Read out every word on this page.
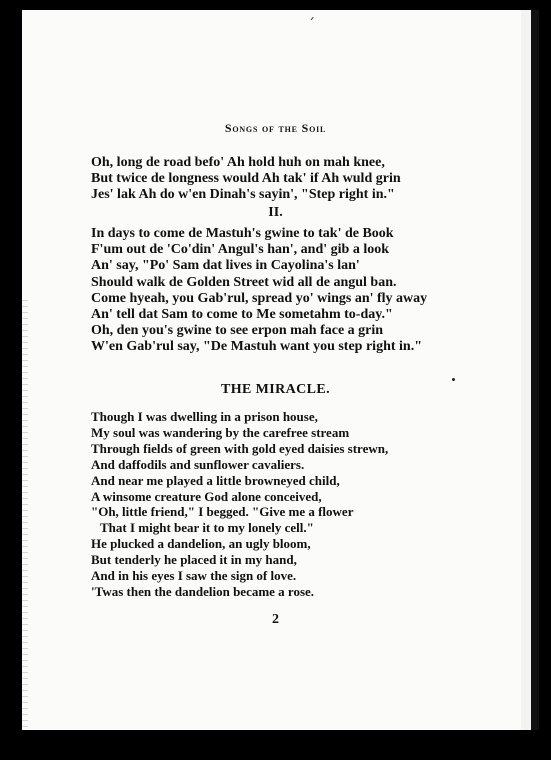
ˊ
Songs of the Soil
Oh, long de road befo' Ah hold huh on mah knee,
But twice de longness would Ah tak' if Ah wuld grin
Jes' lak Ah do w'en Dinah's sayin', "Step right in."
II.
In days to come de Mastuh's gwine to tak' de Book
F'um out de 'Co'din' Angul's han', and' gib a look
An' say, "Po' Sam dat lives in Cayolina's lan'
Should walk de Golden Street wid all de angul ban.
Come hyeah, you Gab'rul, spread yo' wings an' fly away
An' tell dat Sam to come to Me sometahm to-day."
Oh, den you's gwine to see erpon mah face a grin
W'en Gab'rul say, "De Mastuh want you step right in."
THE MIRACLE.
Though I was dwelling in a prison house,
My soul was wandering by the carefree stream
Through fields of green with gold eyed daisies strewn,
And daffodils and sunflower cavaliers.
And near me played a little browneyed child,
A winsome creature God alone conceived,
"Oh, little friend," I begged. "Give me a flower
That I might bear it to my lonely cell."
He plucked a dandelion, an ugly bloom,
But tenderly he placed it in my hand,
And in his eyes I saw the sign of love.
'Twas then the dandelion became a rose.
2
